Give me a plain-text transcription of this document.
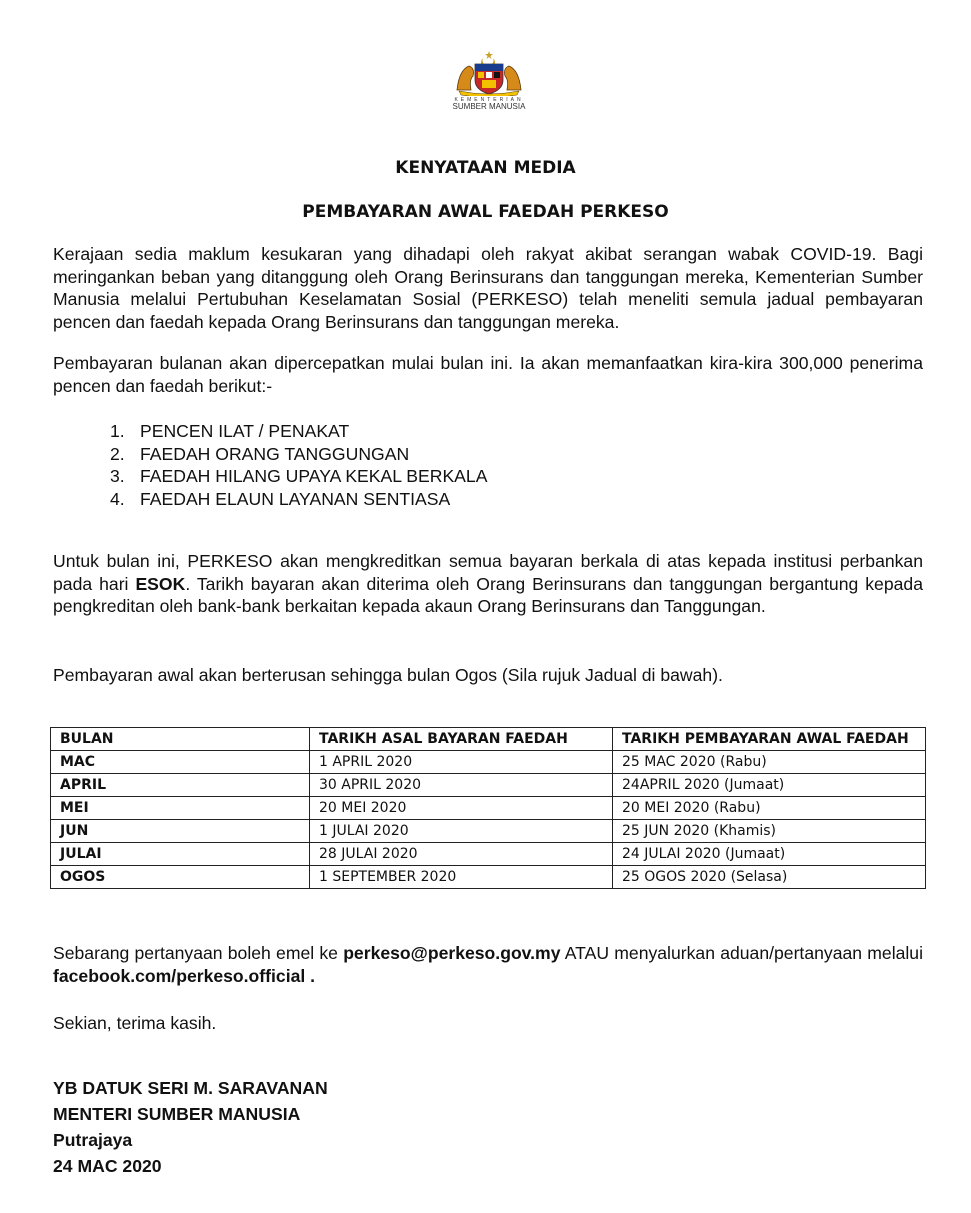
KEMENTERIAN
SUMBER MANUSIA
KENYATAAN MEDIA
PEMBAYARAN AWAL FAEDAH PERKESO
Kerajaan sedia maklum kesukaran yang dihadapi oleh rakyat akibat serangan wabak COVID-19. Bagi meringankan beban yang ditanggung oleh Orang Berinsurans dan tanggungan mereka, Kementerian Sumber Manusia melalui Pertubuhan Keselamatan Sosial (PERKESO) telah meneliti semula jadual pembayaran pencen dan faedah kepada Orang Berinsurans dan tanggungan mereka.
Pembayaran bulanan akan dipercepatkan mulai bulan ini. Ia akan memanfaatkan kira-kira 300,000 penerima pencen dan faedah berikut:-
1. PENCEN ILAT / PENAKAT
2. FAEDAH ORANG TANGGUNGAN
3. FAEDAH HILANG UPAYA KEKAL BERKALA
4. FAEDAH ELAUN LAYANAN SENTIASA
Untuk bulan ini, PERKESO akan mengkreditkan semua bayaran berkala di atas kepada institusi perbankan pada hari ESOK. Tarikh bayaran akan diterima oleh Orang Berinsurans dan tanggungan bergantung kepada pengkreditan oleh bank-bank berkaitan kepada akaun Orang Berinsurans dan Tanggungan.
Pembayaran awal akan berterusan sehingga bulan Ogos (Sila rujuk Jadual di bawah).
BULAN	TARIKH ASAL BAYARAN FAEDAH	TARIKH PEMBAYARAN AWAL FAEDAH
MAC	1 APRIL 2020	25 MAC 2020 (Rabu)
APRIL	30 APRIL 2020	24APRIL 2020 (Jumaat)
MEI	20 MEI 2020	20 MEI 2020 (Rabu)
JUN	1 JULAI 2020	25 JUN 2020 (Khamis)
JULAI	28 JULAI 2020	24 JULAI 2020 (Jumaat)
OGOS	1 SEPTEMBER 2020	25 OGOS 2020 (Selasa)
Sebarang pertanyaan boleh emel ke perkeso@perkeso.gov.my ATAU menyalurkan aduan/pertanyaan melalui facebook.com/perkeso.official .
Sekian, terima kasih.
YB DATUK SERI M. SARAVANAN
MENTERI SUMBER MANUSIA
Putrajaya
24 MAC 2020
